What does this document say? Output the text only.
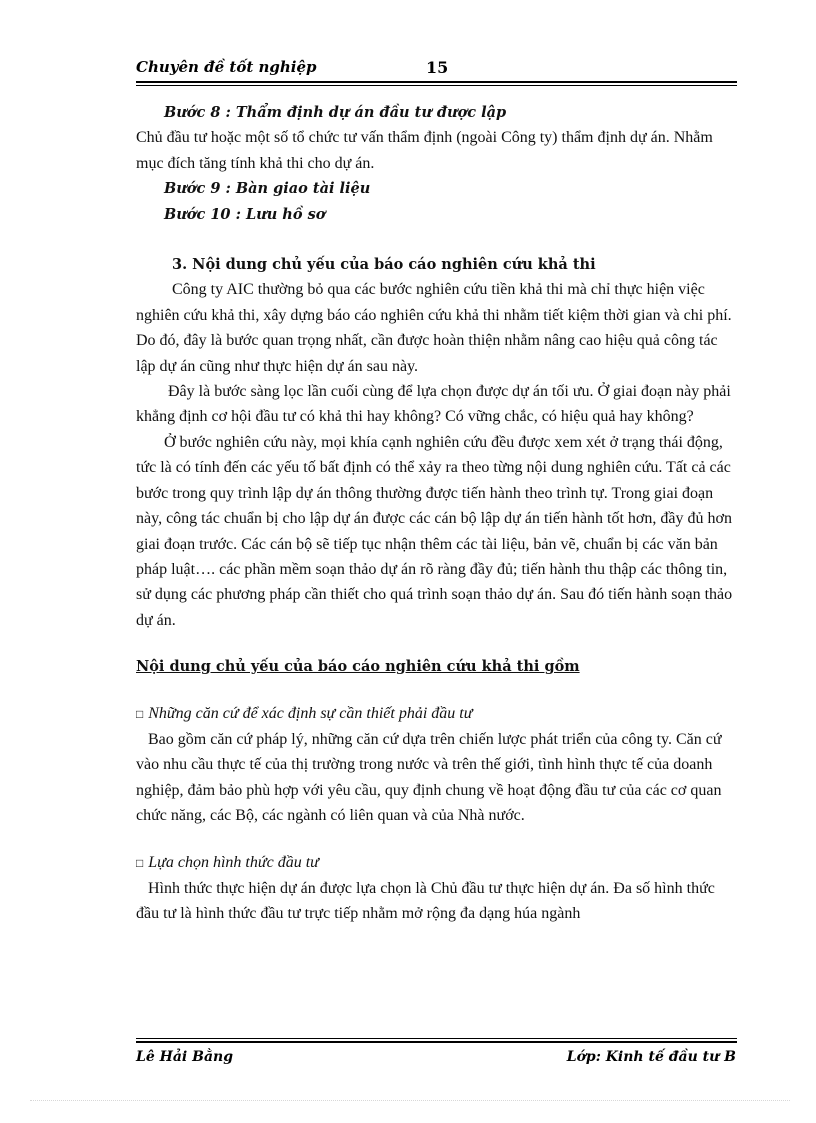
Chuyên đề tốt nghiệp	15

Bước 8 : Thẩm định dự án đầu tư được lập

Chủ đầu tư hoặc một số tổ chức tư vấn thẩm định (ngoài Công ty) thẩm định dự án. Nhằm mục đích tăng tính khả thi cho dự án.

Bước 9 : Bàn giao tài liệu

Bước 10 : Lưu hồ sơ

3. Nội dung chủ yếu của báo cáo nghiên cứu khả thi

Công ty AIC thường bỏ qua các bước nghiên cứu tiền khả thi mà chỉ thực hiện việc nghiên cứu khả thi, xây dựng báo cáo nghiên cứu khả thi nhằm tiết kiệm thời gian và chi phí. Do đó, đây là bước quan trọng nhất, cần được hoàn thiện nhằm nâng cao hiệu quả công tác lập dự án cũng như thực hiện dự án sau này.

Đây là bước sàng lọc lần cuối cùng để lựa chọn được dự án tối ưu. Ở giai đoạn này phải khẳng định cơ hội đầu tư có khả thi hay không? Có vững chắc, có hiệu quả hay không?

Ở bước nghiên cứu này, mọi khía cạnh nghiên cứu đều được xem xét ở trạng thái động, tức là có tính đến các yếu tố bất định có thể xảy ra theo từng nội dung nghiên cứu. Tất cả các bước trong quy trình lập dự án thông thường được tiến hành theo trình tự. Trong giai đoạn này, công tác chuẩn bị cho lập dự án được các cán bộ lập dự án tiến hành tốt hơn, đầy đủ hơn giai đoạn trước. Các cán bộ sẽ tiếp tục nhận thêm các tài liệu, bản vẽ, chuẩn bị các văn bản pháp luật…. các phần mềm soạn thảo dự án rõ ràng đầy đủ; tiến hành thu thập các thông tin, sử dụng các phương pháp cần thiết cho quá trình soạn thảo dự án. Sau đó tiến hành soạn thảo dự án.

Nội dung chủ yếu của báo cáo nghiên cứu khả thi gồm

□ Những căn cứ để xác định sự cần thiết phải đầu tư

Bao gồm căn cứ pháp lý, những căn cứ dựa trên chiến lược phát triển của công ty. Căn cứ vào nhu cầu thực tế của thị trường trong nước và trên thế giới, tình hình thực tế của doanh nghiệp, đảm bảo phù hợp với yêu cầu, quy định chung về hoạt động đầu tư của các cơ quan chức năng, các Bộ, các ngành có liên quan và của Nhà nước.

□ Lựa chọn hình thức đầu tư

Hình thức thực hiện dự án được lựa chọn là Chủ đầu tư thực hiện dự án. Đa số hình thức đầu tư là hình thức đầu tư trực tiếp nhằm mở rộng đa dạng húa ngành

Lê Hải Bằng	Lớp: Kinh tế đầu tư B
